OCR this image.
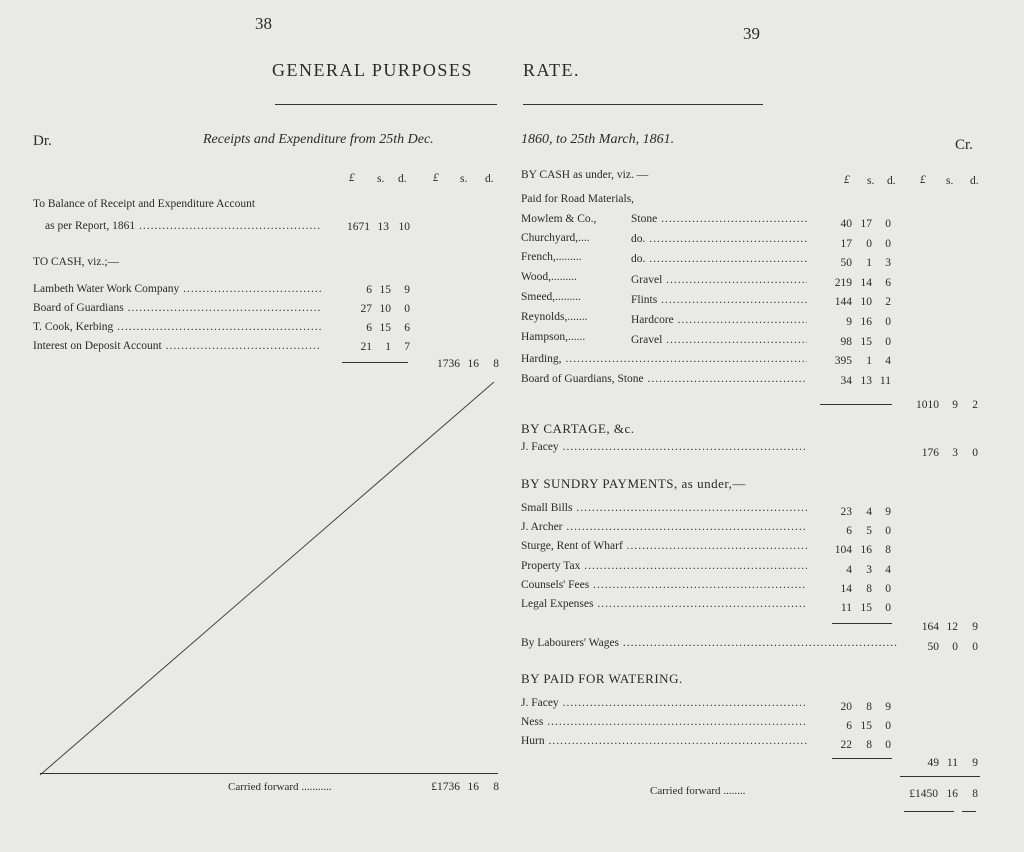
38
39
GENERAL PURPOSES	RATE.
Dr.	Receipts and Expenditure from 25th Dec.	1860, to 25th March, 1861.	Cr.
£ s. d. £ s. d.
To Balance of Receipt and Expenditure Account
as per Report, 1861 .....	1671 13 10
TO CASH, viz.;—
Lambeth Water Work Company .....	6 15	9
Board of Guardians .....	27 10	0
T. Cook, Kerbing .....	6 15	6
Interest on Deposit Account .....	21	1	7
1736 16	8
Carried forward ...........	£1736 16	8
£ s. d. £ s. d.
BY CASH as under, viz. —
Paid for Road Materials,
Mowlem & Co.,	Stone .....	40 17	0
Churchyard,....	do. .....	17	0	0
French,.........	do. .....	50	1	3
Wood,.........	Gravel .....	219 14	6
Smeed,.........	Flints .....	144 10	2
Reynolds,.......	Hardcore .....	9 16	0
Hampson,......	Gravel .....	98 15	0
Harding, .....	395	1	4
Board of Guardians, Stone .....	34 13 11
1010	9	2
BY CARTAGE, &c.
J. Facey .....	176	3	0
BY SUNDRY PAYMENTS, as under,—
Small Bills .....	23	4	9
J. Archer .....	6	5	0
Sturge, Rent of Wharf .....	104 16	8
Property Tax .....	4	3	4
Counsels' Fees .....	14	8	0
Legal Expenses .....	11 15	0
164 12	9
By Labourers' Wages .....	50	0	0
BY PAID FOR WATERING.
J. Facey .....	20	8	9
Ness .....	6 15	0
Hurn .....	22	8	0
49 11	9
Carried forward ........	£1450 16	8
